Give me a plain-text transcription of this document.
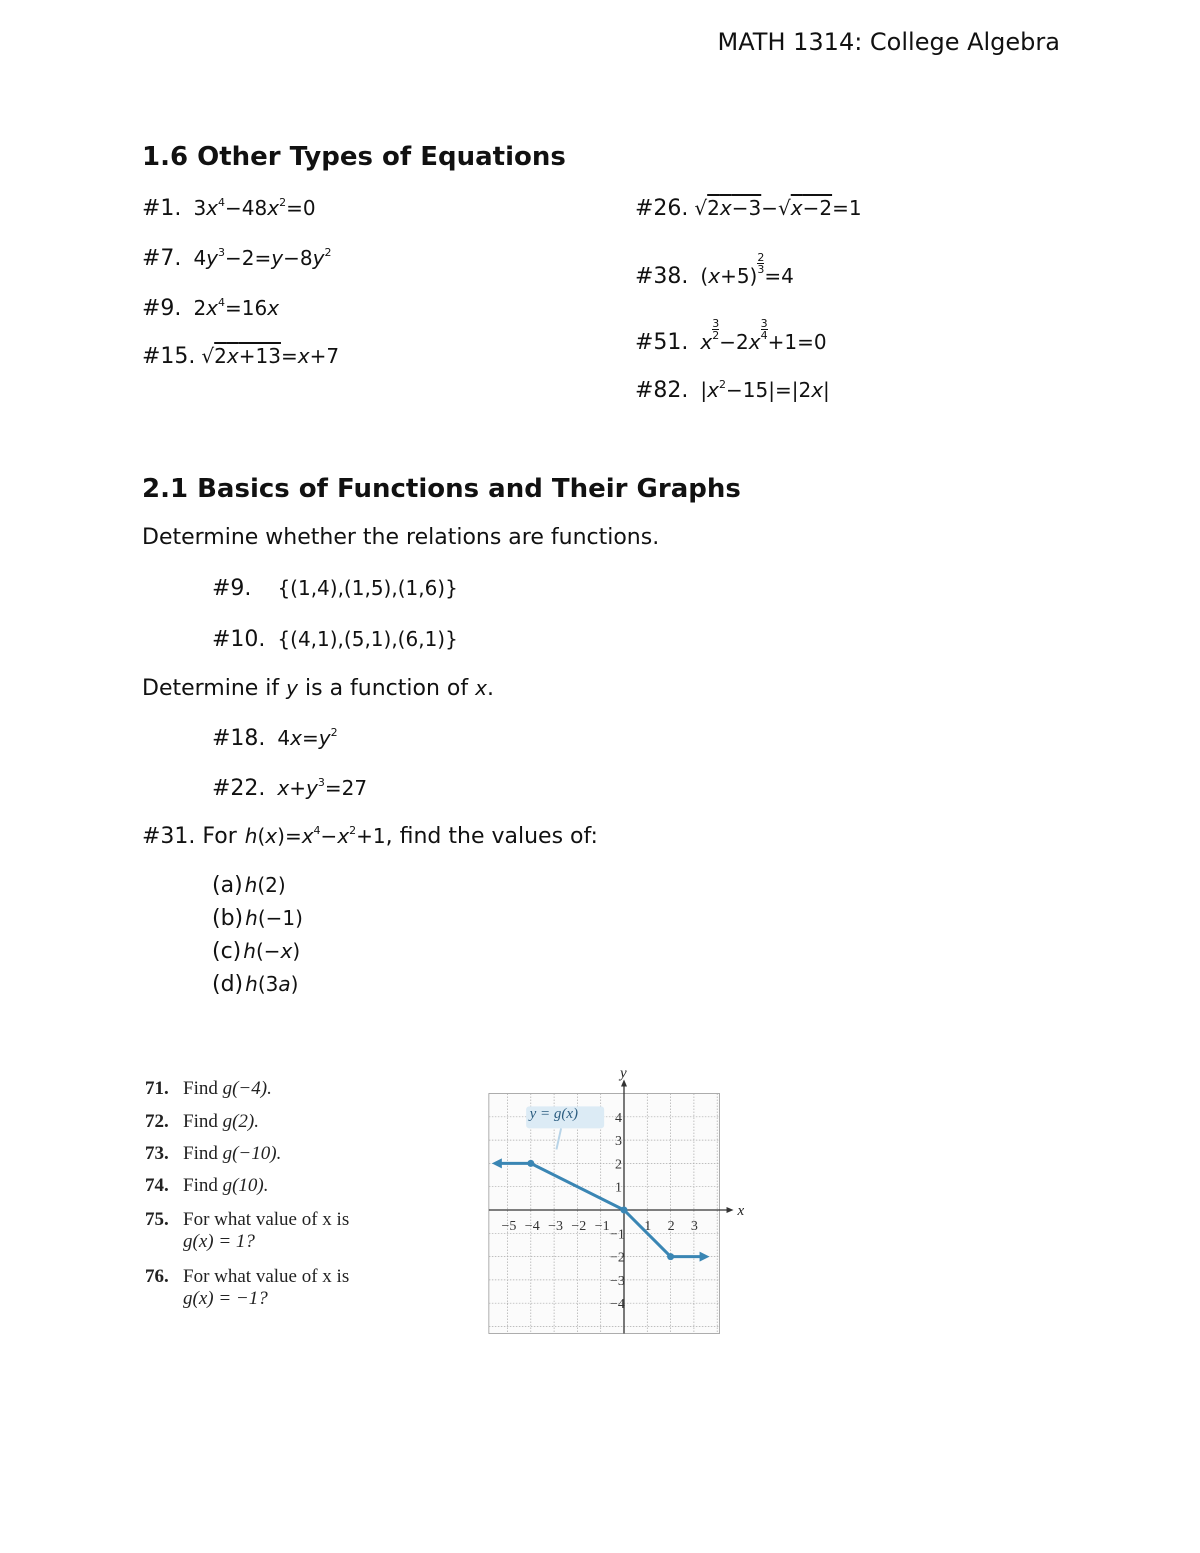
MATH 1314: College Algebra
1.6 Other Types of Equations
#1. $3x^4-48x^2=0$
#7. $4y^3-2=y-8y^2$
#9. $2x^4=16x$
#15. √2x+13=x+7
#26. √2x−3−√x−2=1
#38. (x+5)
$\frac{2}{3}$
=4
#51. x
$\frac{3}{2}$
−2x
$\frac{3}{4}$
+1=0
#82. $|x^2-15|=|2x|$
2.1 Basics of Functions and Their Graphs
Determine whether the relations are functions.
#9. {(1,4),(1,5),(1,6)}
#10. {(4,1),(5,1),(6,1)}
Determine if y is a function of x.
#18. $4x=y^2$
#22. $x+y^3=27$
#31. For $h(x)=x^4-x^2+1$, find the values of:
(a) h(2)
(b) h(−1)
(c) h(−x)
(d) h(3a)
71. Find g(−4).
72. Find g(2).
73. Find g(−10).
74. Find g(10).
75. For what value of x is
g(x) = 1?
76. For what value of x is
g(x) = −1?
x
y
−5 −4 −3 −2 −1 1 2 3
4
3
2
1
−1
−2
−3
−4
y = g(x)
